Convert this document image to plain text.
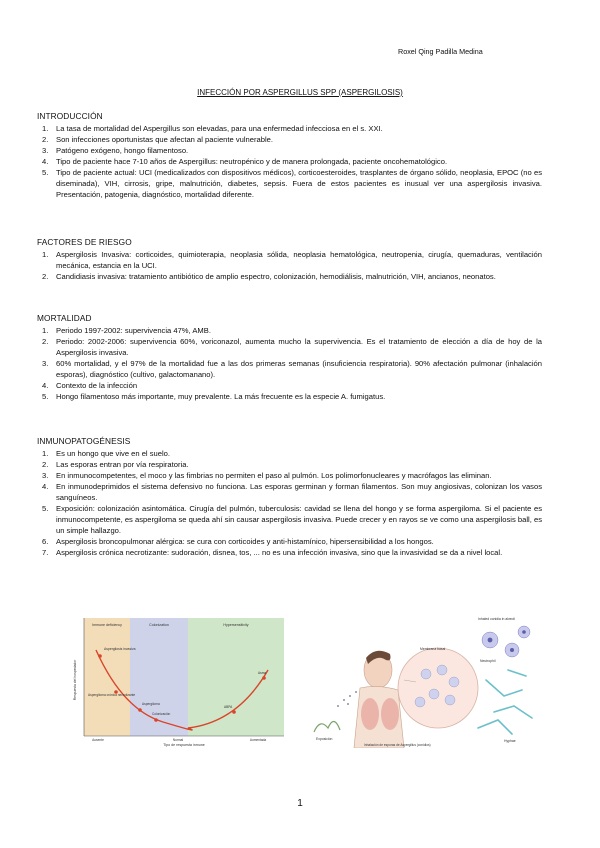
Roxel Qing Padilla Medina
INFECCIÓN POR ASPERGILLUS SPP (ASPERGILOSIS)
INTRODUCCIÓN
1. La tasa de mortalidad del Aspergillus son elevadas, para una enfermedad infecciosa en el s. XXI.
2. Son infecciones oportunistas que afectan al paciente vulnerable.
3. Patógeno exógeno, hongo filamentoso.
4. Tipo de paciente hace 7-10 años de Aspergillus: neutropénico y de manera prolongada, paciente oncohematológico.
5. Tipo de paciente actual: UCI (medicalizados con dispositivos médicos), corticoesteroides, trasplantes de órgano sólido, neoplasia, EPOC (no es diseminada), VIH, cirrosis, gripe, malnutrición, diabetes, sepsis. Fuera de estos pacientes es inusual ver una aspergilosis invasiva. Presentación, patogenia, diagnóstico, mortalidad diferente.
FACTORES DE RIESGO
1. Aspergilosis Invasiva: corticoides, quimioterapia, neoplasia sólida, neoplasia hematológica, neutropenia, cirugía, quemaduras, ventilación mecánica, estancia en la UCI.
2. Candidiasis invasiva: tratamiento antibiótico de amplio espectro, colonización, hemodiálisis, malnutrición, VIH, ancianos, neonatos.
MORTALIDAD
1. Periodo 1997-2002: supervivencia 47%, AMB.
2. Periodo: 2002-2006: supervivencia 60%, voriconazol, aumenta mucho la supervivencia. Es el tratamiento de elección a día de hoy de la Aspergilosis invasiva.
3. 60% mortalidad, y el 97% de la mortalidad fue a las dos primeras semanas (insuficiencia respiratoria). 90% afectación pulmonar (inhalación esporas), diagnóstico (cultivo, galactomanano).
4. Contexto de la infección
5. Hongo filamentoso más importante, muy prevalente. La más frecuente es la especie A. fumigatus.
INMUNOPATOGÉNESIS
1. Es un hongo que vive en el suelo.
2. Las esporas entran por vía respiratoria.
3. En inmunocompetentes, el moco y las fimbrias no permiten el paso al pulmón. Los polimorfonucleares y macrófagos las eliminan.
4. En inmunodeprimidos el sistema defensivo no funciona. Las esporas germinan y forman filamentos. Son muy angiosivas, colonizan los vasos sanguíneos.
5. Exposición: colonización asintomática. Cirugía del pulmón, tuberculosis: cavidad se llena del hongo y se forma aspergiloma. Si el paciente es inmunocompetente, es aspergiloma se queda ahí sin causar aspergilosis invasiva. Puede crecer y en rayos se ve como una aspergilosis ball, es un simple hallazgo.
6. Aspergilosis broncopulmonar alérgica: se cura con corticoides y anti-histamínico, hipersensibilidad a los hongos.
7. Aspergilosis crónica necrotizante: sudoración, disnea, tos, ... no es una infección invasiva, sino que la invasividad se da a nivel local.
Immune deficiency	Colonization	Hypersensitivity
Aspergilosis invasiva
Aspergiloma crónica necrotizante
Aspergiloma
Colonización
ABPA
Asma
Ausente	Normal	Aumentada
Tipo de respuesta inmune
Respuesta del hospedador
Inhaled conidia in alveoli
Membrana basal
Exposición
Neutrophil
Hyphae
Inhalación de esporas de Aspergillus (conidios)
1
